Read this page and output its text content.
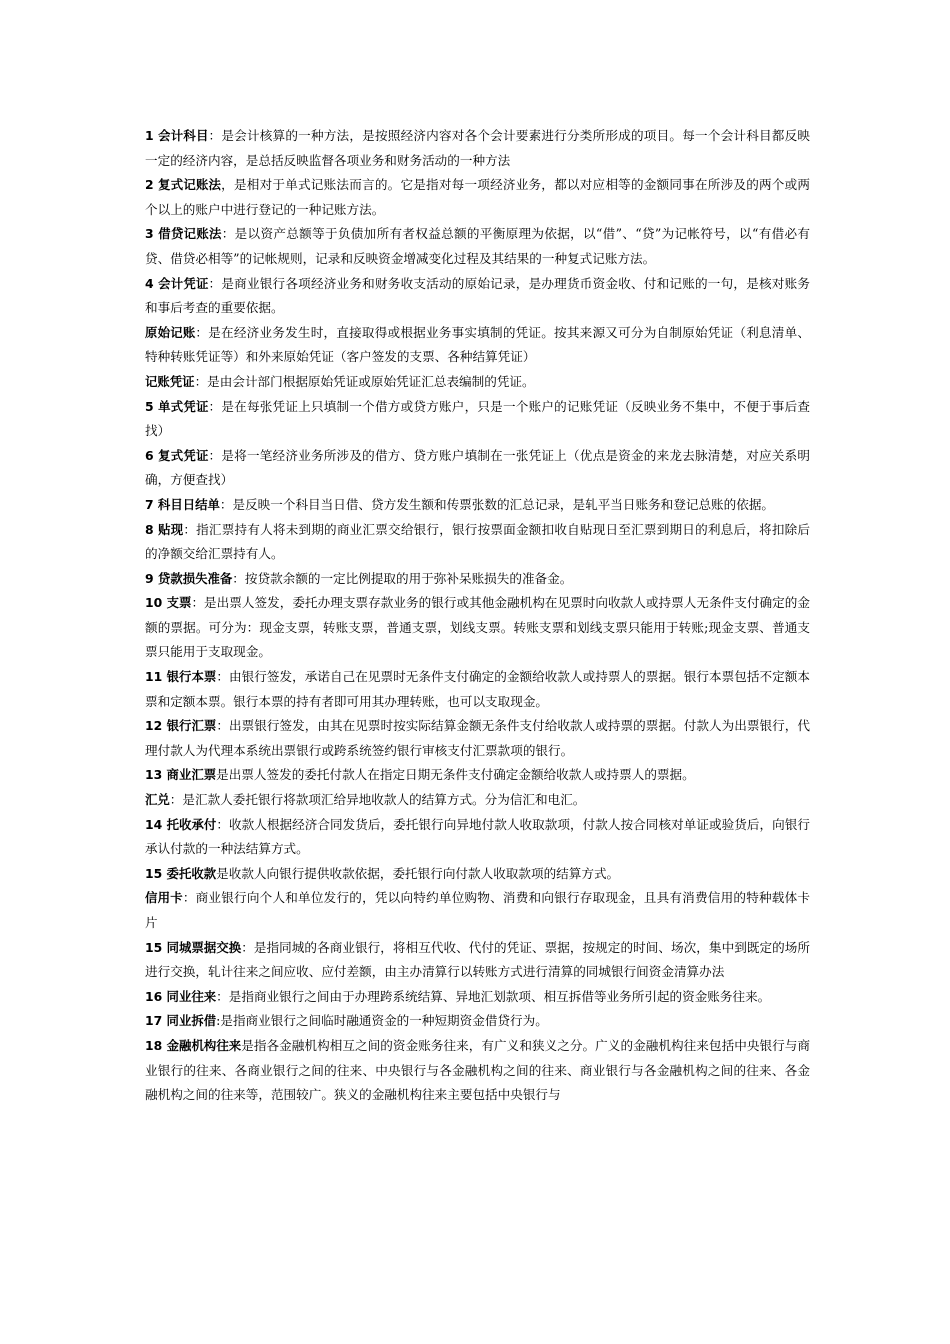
1 会计科目：是会计核算的一种方法，是按照经济内容对各个会计要素进行分类所形成的项目。每一个会计科目都反映一定的经济内容，是总括反映监督各项业务和财务活动的一种方法

2 复式记账法，是相对于单式记账法而言的。它是指对每一项经济业务，都以对应相等的金额同事在所涉及的两个或两个以上的账户中进行登记的一种记账方法。

3 借贷记账法：是以资产总额等于负债加所有者权益总额的平衡原理为依据，以“借”、“贷”为记帐符号，以“有借必有贷、借贷必相等”的记帐规则，记录和反映资金增减变化过程及其结果的一种复式记账方法。

4 会计凭证：是商业银行各项经济业务和财务收支活动的原始记录，是办理货币资金收、付和记账的一句，是核对账务和事后考查的重要依据。

原始记账：是在经济业务发生时，直接取得或根据业务事实填制的凭证。按其来源又可分为自制原始凭证（利息清单、特种转账凭证等）和外来原始凭证（客户签发的支票、各种结算凭证）

记账凭证：是由会计部门根据原始凭证或原始凭证汇总表编制的凭证。

5 单式凭证：是在每张凭证上只填制一个借方或贷方账户，只是一个账户的记账凭证（反映业务不集中，不便于事后查找）

6 复式凭证：是将一笔经济业务所涉及的借方、贷方账户填制在一张凭证上（优点是资金的来龙去脉清楚，对应关系明确，方便查找）

7 科目日结单：是反映一个科目当日借、贷方发生额和传票张数的汇总记录，是轧平当日账务和登记总账的依据。

8 贴现：指汇票持有人将未到期的商业汇票交给银行，银行按票面金额扣收自贴现日至汇票到期日的利息后，将扣除后的净额交给汇票持有人。

9 贷款损失准备：按贷款余额的一定比例提取的用于弥补呆账损失的准备金。

10 支票：是出票人签发，委托办理支票存款业务的银行或其他金融机构在见票时向收款人或持票人无条件支付确定的金额的票据。可分为：现金支票，转账支票，普通支票，划线支票。转账支票和划线支票只能用于转账;现金支票、普通支票只能用于支取现金。

11 银行本票：由银行签发，承诺自己在见票时无条件支付确定的金额给收款人或持票人的票据。银行本票包括不定额本票和定额本票。银行本票的持有者即可用其办理转账，也可以支取现金。

12 银行汇票：出票银行签发，由其在见票时按实际结算金额无条件支付给收款人或持票的票据。付款人为出票银行，代理付款人为代理本系统出票银行或跨系统签约银行审核支付汇票款项的银行。

13 商业汇票是出票人签发的委托付款人在指定日期无条件支付确定金额给收款人或持票人的票据。

汇兑：是汇款人委托银行将款项汇给异地收款人的结算方式。分为信汇和电汇。

14 托收承付：收款人根据经济合同发货后，委托银行向异地付款人收取款项，付款人按合同核对单证或验货后，向银行承认付款的一种法结算方式。

15 委托收款是收款人向银行提供收款依据，委托银行向付款人收取款项的结算方式。

信用卡：商业银行向个人和单位发行的，凭以向特约单位购物、消费和向银行存取现金，且具有消费信用的特种载体卡片

15 同城票据交换：是指同城的各商业银行，将相互代收、代付的凭证、票据，按规定的时间、场次，集中到既定的场所进行交换，轧计往来之间应收、应付差额，由主办清算行以转账方式进行清算的同城银行间资金清算办法

16 同业往来：是指商业银行之间由于办理跨系统结算、异地汇划款项、相互拆借等业务所引起的资金账务往来。

17 同业拆借:是指商业银行之间临时融通资金的一种短期资金借贷行为。

18 金融机构往来是指各金融机构相互之间的资金账务往来，有广义和狭义之分。广义的金融机构往来包括中央银行与商业银行的往来、各商业银行之间的往来、中央银行与各金融机构之间的往来、商业银行与各金融机构之间的往来、各金融机构之间的往来等，范围较广。狭义的金融机构往来主要包括中央银行与
